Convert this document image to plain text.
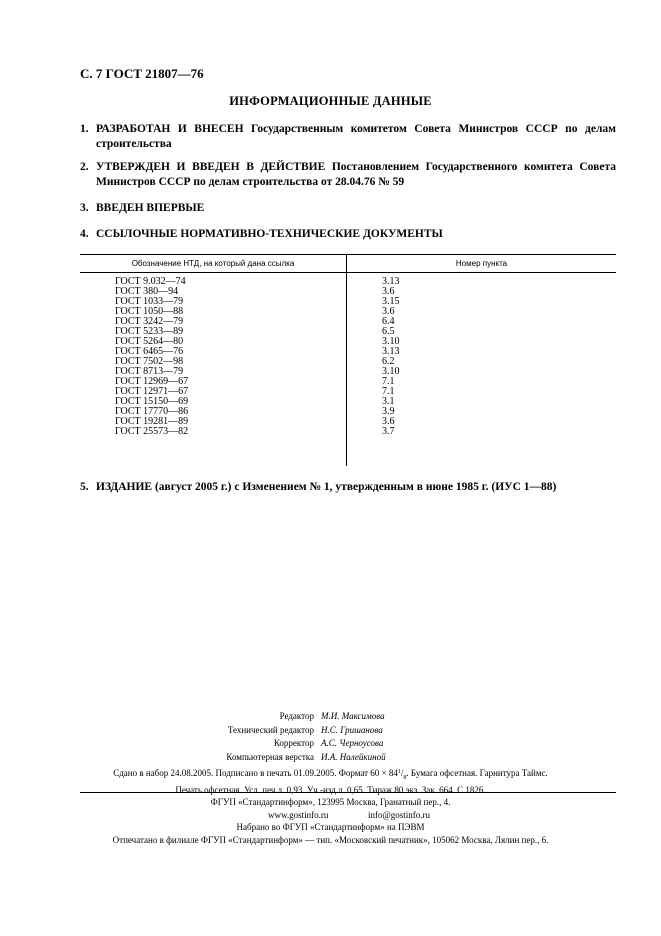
С. 7 ГОСТ 21807—76
ИНФОРМАЦИОННЫЕ ДАННЫЕ
1. РАЗРАБОТАН И ВНЕСЕН Государственным комитетом Совета Министров СССР по делам строительства
2. УТВЕРЖДЕН И ВВЕДЕН В ДЕЙСТВИЕ Постановлением Государственного комитета Совета Министров СССР по делам строительства от 28.04.76 № 59
3. ВВЕДЕН ВПЕРВЫЕ
4. ССЫЛОЧНЫЕ НОРМАТИВНО-ТЕХНИЧЕСКИЕ ДОКУМЕНТЫ
Обозначение НТД, на который дана ссылка	Номер пункта
ГОСТ 9.032—74	3.13
ГОСТ 380—94	3.6
ГОСТ 1033—79	3.15
ГОСТ 1050—88	3.6
ГОСТ 3242—79	6.4
ГОСТ 5233—89	6.5
ГОСТ 5264—80	3.10
ГОСТ 6465—76	3.13
ГОСТ 7502—98	6.2
ГОСТ 8713—79	3.10
ГОСТ 12969—67	7.1
ГОСТ 12971—67	7.1
ГОСТ 15150—69	3.1
ГОСТ 17770—86	3.9
ГОСТ 19281—89	3.6
ГОСТ 25573—82	3.7
5. ИЗДАНИЕ (август 2005 г.) с Изменением № 1, утвержденным в июне 1985 г. (ИУС 1—88)
Редактор М.И. Максимова
Технический редактор Н.С. Гришанова
Корректор А.С. Черноусова
Компьютерная верстка И.А. Налейкиной
Сдано в набор 24.08.2005. Подписано в печать 01.09.2005. Формат $60 \times 84^1/_8$. Бумага офсетная. Гарнитура Таймс.
Печать офсетная. Усл. печ.л. 0,93. Уч.-изд.л. 0,65. Тираж 80 экз. Зак. 664. С 1826.
ФГУП «Стандартинформ», 123995 Москва, Гранатный пер., 4.
www.gostinfo.ru	info@gostinfo.ru
Набрано во ФГУП «Стандартинформ» на ПЭВМ
Отпечатано в филиале ФГУП «Стандартинформ» — тип. «Московский печатник», 105062 Москва, Лялин пер., 6.
